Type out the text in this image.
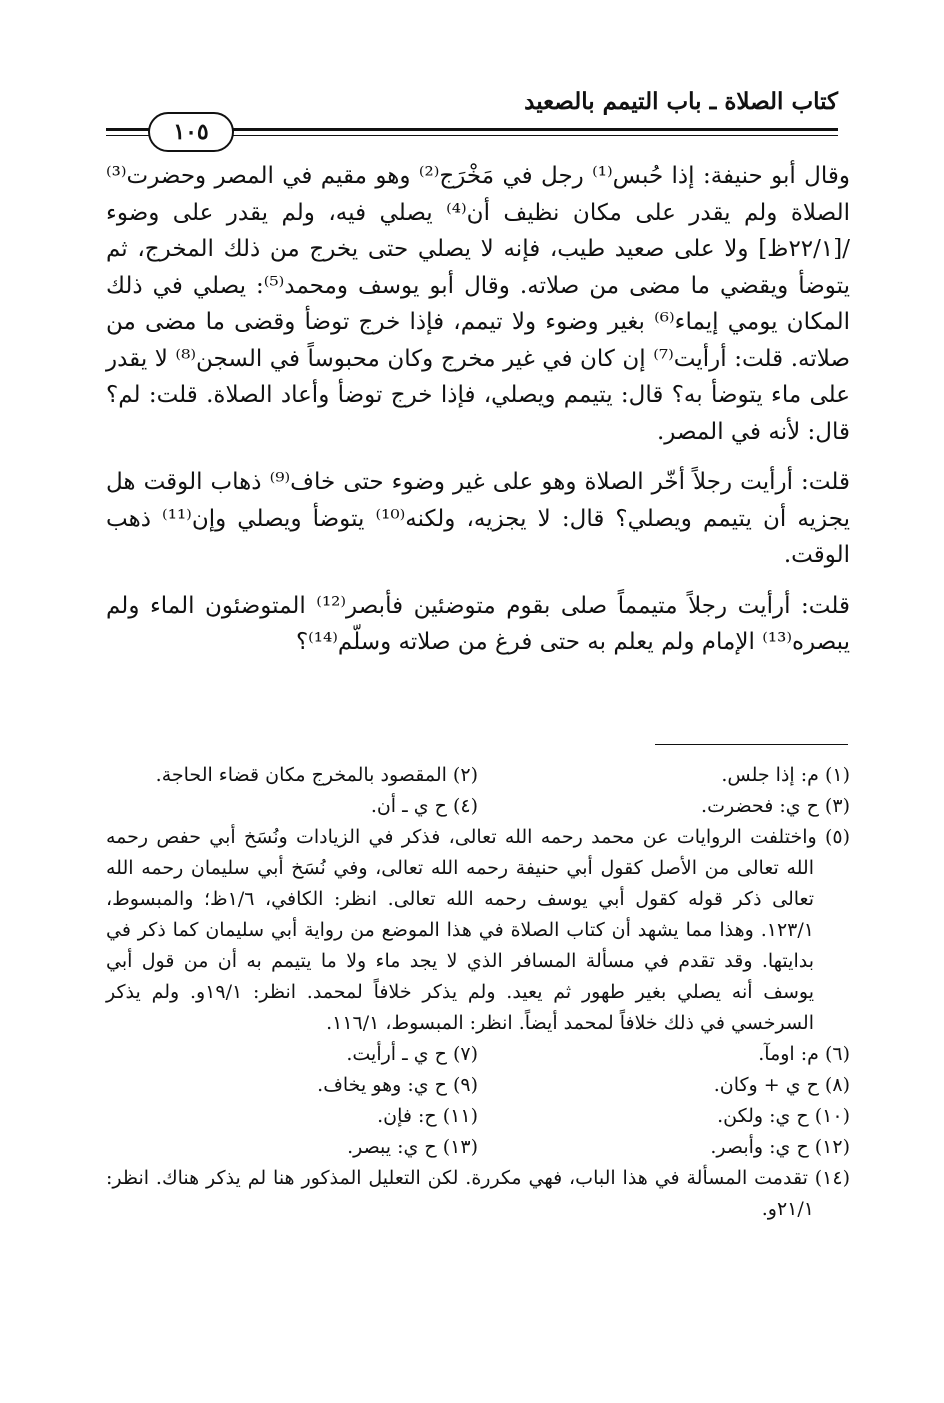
كتاب الصلاة ـ باب التيمم بالصعيد
١٠٥

وقال أبو حنيفة: إذا حُبس⁽¹⁾ رجل في مَخْرَج⁽²⁾ وهو مقيم في المصر وحضرت⁽³⁾ الصلاة ولم يقدر على مكان نظيف أن⁽⁴⁾ يصلي فيه، ولم يقدر على وضوء /[٢٢/١ظ] ولا على صعيد طيب، فإنه لا يصلي حتى يخرج من ذلك المخرج، ثم يتوضأ ويقضي ما مضى من صلاته. وقال أبو يوسف ومحمد⁽⁵⁾: يصلي في ذلك المكان يومي إيماء⁽⁶⁾ بغير وضوء ولا تيمم، فإذا خرج توضأ وقضى ما مضى من صلاته. قلت: أرأيت⁽⁷⁾ إن كان في غير مخرج وكان محبوساً في السجن⁽⁸⁾ لا يقدر على ماء يتوضأ به؟ قال: يتيمم ويصلي، فإذا خرج توضأ وأعاد الصلاة. قلت: لم؟ قال: لأنه في المصر.

قلت: أرأيت رجلاً أخّر الصلاة وهو على غير وضوء حتى خاف⁽⁹⁾ ذهاب الوقت هل يجزيه أن يتيمم ويصلي؟ قال: لا يجزيه، ولكنه⁽¹⁰⁾ يتوضأ ويصلي وإن⁽¹¹⁾ ذهب الوقت.

قلت: أرأيت رجلاً متيمماً صلى بقوم متوضئين فأبصر⁽¹²⁾ المتوضئون الماء ولم يبصره⁽¹³⁾ الإمام ولم يعلم به حتى فرغ من صلاته وسلّم⁽¹⁴⁾؟

(١) م: إذا جلس.
(٢) المقصود بالمخرج مكان قضاء الحاجة.
(٣) ح ي: فحضرت.
(٤) ح ي ـ أن.
(٥) واختلفت الروايات عن محمد رحمه الله تعالى، فذكر في الزيادات ونُسَخ أبي حفص رحمه الله تعالى من الأصل كقول أبي حنيفة رحمه الله تعالى، وفي نُسَخ أبي سليمان رحمه الله تعالى ذكر قوله كقول أبي يوسف رحمه الله تعالى. انظر: الكافي، ١/٦ظ؛ والمبسوط، ١٢٣/١. وهذا مما يشهد أن كتاب الصلاة في هذا الموضع من رواية أبي سليمان كما ذكر في بدايتها. وقد تقدم في مسألة المسافر الذي لا يجد ماء ولا ما يتيمم به أن من قول أبي يوسف أنه يصلي بغير طهور ثم يعيد. ولم يذكر خلافاً لمحمد. انظر: ١٩/١و. ولم يذكر السرخسي في ذلك خلافاً لمحمد أيضاً. انظر: المبسوط، ١١٦/١.
(٦) م: اومآ.
(٧) ح ي ـ أرأيت.
(٨) ح ي + وكان.
(٩) ح ي: وهو يخاف.
(١٠) ح ي: ولكن.
(١١) ح: فإن.
(١٢) ح ي: وأبصر.
(١٣) ح ي: يبصر.
(١٤) تقدمت المسألة في هذا الباب، فهي مكررة. لكن التعليل المذكور هنا لم يذكر هناك. انظر: ٢١/١و.
